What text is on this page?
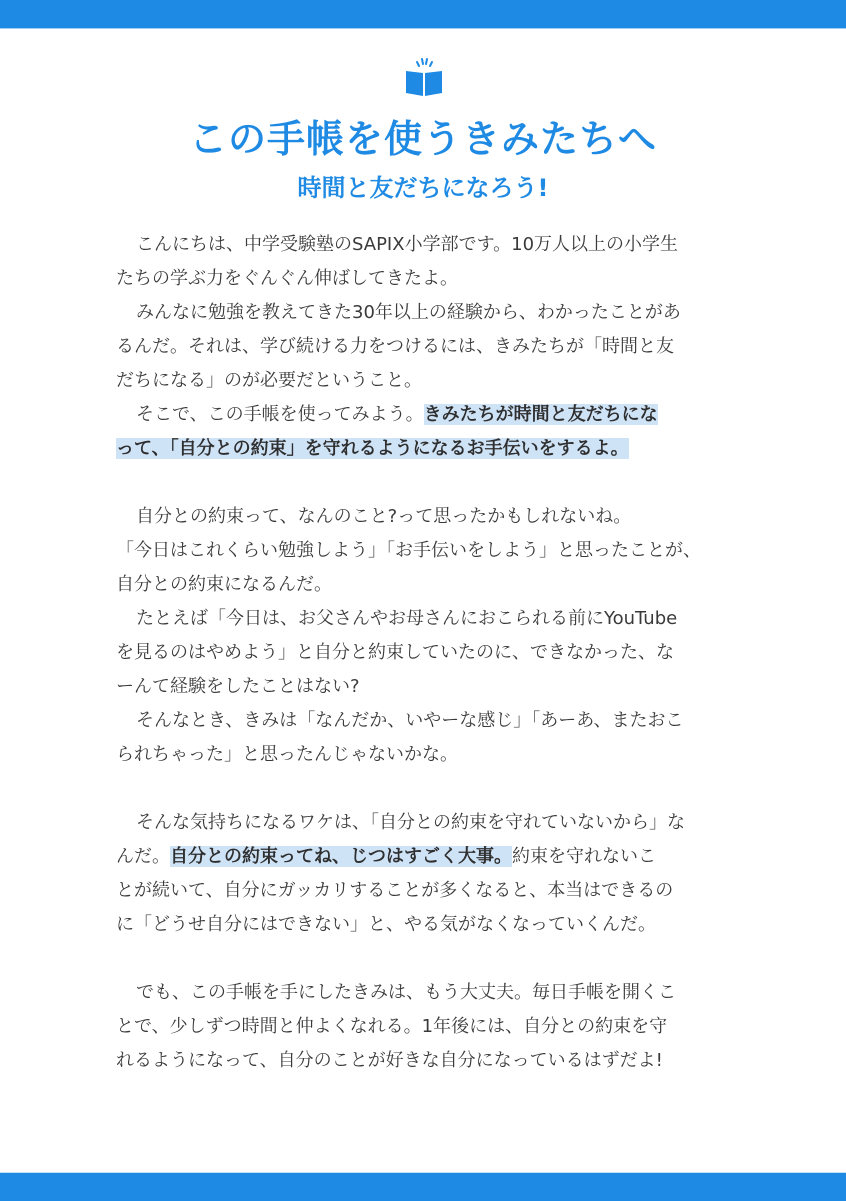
この手帳を使うきみたちへ
時間と友だちになろう!
こんにちは、中学受験塾のSAPIX小学部です。10万人以上の小学生
たちの学ぶ力をぐんぐん伸ばしてきたよ。
みんなに勉強を教えてきた30年以上の経験から、わかったことがあ
るんだ。それは、学び続ける力をつけるには、きみたちが「時間と友
だちになる」のが必要だということ。
そこで、この手帳を使ってみよう。きみたちが時間と友だちにな
って、「自分との約束」を守れるようになるお手伝いをするよ。
自分との約束って、なんのこと?って思ったかもしれないね。
「今日はこれくらい勉強しよう」「お手伝いをしよう」と思ったことが、
自分との約束になるんだ。
たとえば「今日は、お父さんやお母さんにおこられる前にYouTube
を見るのはやめよう」と自分と約束していたのに、できなかった、な
ーんて経験をしたことはない?
そんなとき、きみは「なんだか、いやーな感じ」「あーあ、またおこ
られちゃった」と思ったんじゃないかな。
そんな気持ちになるワケは、「自分との約束を守れていないから」な
んだ。自分との約束ってね、じつはすごく大事。約束を守れないこ
とが続いて、自分にガッカリすることが多くなると、本当はできるの
に「どうせ自分にはできない」と、やる気がなくなっていくんだ。
でも、この手帳を手にしたきみは、もう大丈夫。毎日手帳を開くこ
とで、少しずつ時間と仲よくなれる。1年後には、自分との約束を守
れるようになって、自分のことが好きな自分になっているはずだよ!
